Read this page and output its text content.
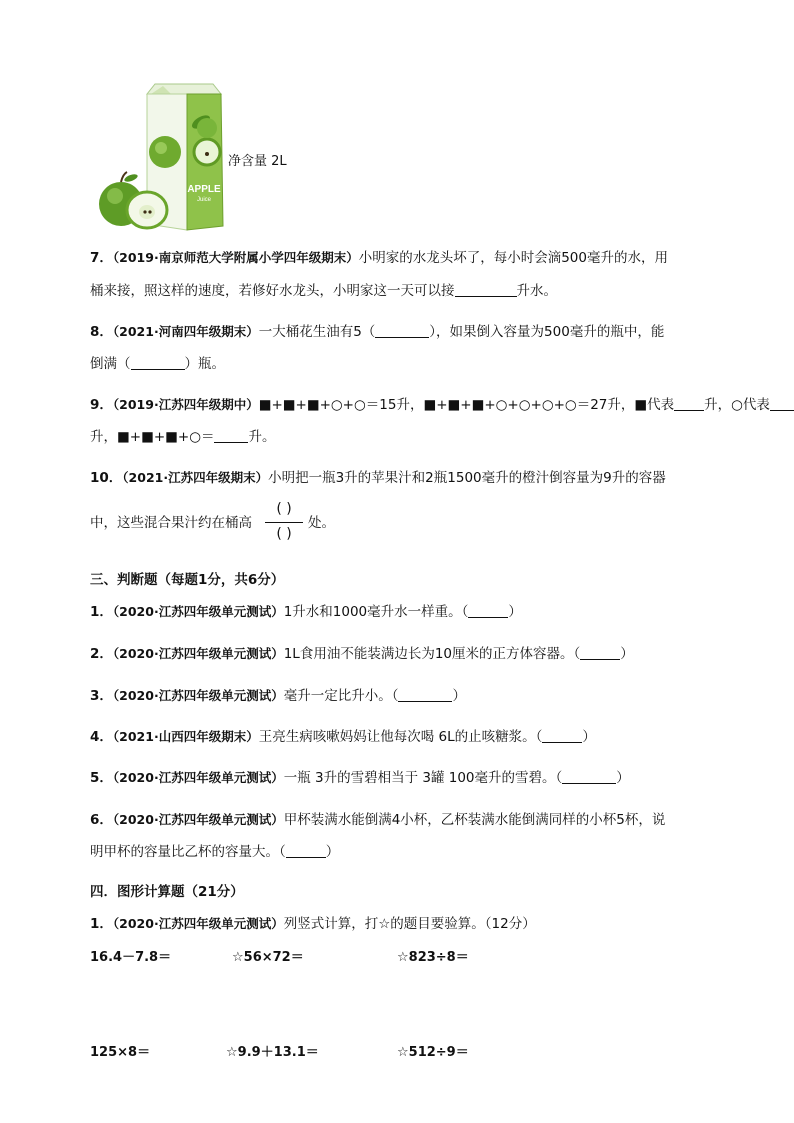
APPLE
Juice
净含量 2L
7．（2019·南京师范大学附属小学四年级期末）小明家的水龙头坏了，每小时会滴500毫升的水，用
桶来接，照这样的速度，若修好水龙头，小明家这一天可以接	升水。
8．（2021·河南四年级期末）一大桶花生油有5（	），如果倒入容量为500毫升的瓶中，能
倒满（	）瓶。
9．（2019·江苏四年级期中）■+■+■+○+○＝15升，■+■+■+○+○+○+○＝27升，■代表 升，○代表
升，■+■+■+○＝	升。
10．（2021·江苏四年级期末）小明把一瓶3升的苹果汁和2瓶1500毫升的橙汁倒容量为9升的容器
中，这些混合果汁约在桶高
( )
( )
处。
三、判断题（每题1分，共6分）
1．（2020·江苏四年级单元测试）1升水和1000毫升水一样重。（	）
2．（2020·江苏四年级单元测试）1L食用油不能装满边长为10厘米的正方体容器。（	）
3．（2020·江苏四年级单元测试）毫升一定比升小。（	）
4．（2021·山西四年级期末）王亮生病咳嗽妈妈让他每次喝 6L的止咳糖浆。（	）
5．（2020·江苏四年级单元测试）一瓶 3升的雪碧相当于 3罐 100毫升的雪碧。（	）
6．（2020·江苏四年级单元测试）甲杯装满水能倒满4小杯，乙杯装满水能倒满同样的小杯5杯，说
明甲杯的容量比乙杯的容量大。（	）
四．图形计算题（21分）
1．（2020·江苏四年级单元测试）列竖式计算，打☆的题目要验算。（12分）
16.4－7.8＝	☆56×72＝	☆823÷8＝
125×8＝	☆9.9＋13.1＝	☆512÷9＝
